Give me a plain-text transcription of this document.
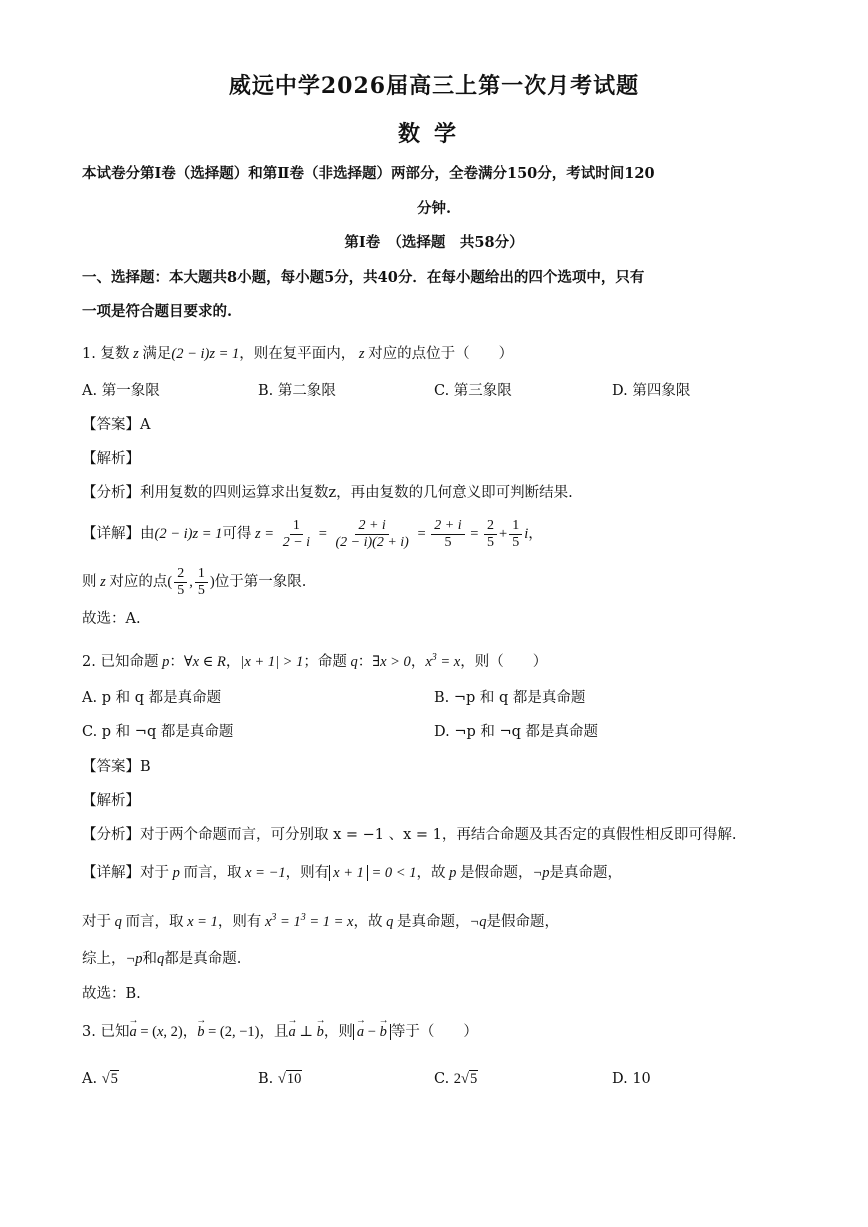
威远中学2026届高三上第一次月考试题
数学
本试卷分第Ⅰ卷（选择题）和第Ⅱ卷（非选择题）两部分，全卷满分150分，考试时间120
分钟.
第Ⅰ卷　（选择题　共58分）
一、选择题：本大题共8小题，每小题5分，共40分．在每小题给出的四个选项中，只有
一项是符合题目要求的.
1. 复数 z 满足(2 − i)z = 1，则在复平面内， z 对应的点位于（　　）
A. 第一象限	B. 第二象限	C. 第三象限	D. 第四象限
【答案】A
【解析】
【分析】利用复数的四则运算求出复数z，再由复数的几何意义即可判断结果.
【详解】由 (2 − i)z = 1 可得 $z = \frac{1}{2 - i} = \frac{2 + i}{(2 - i)(2 + i)} = \frac{2 + i}{5} = \frac{2}{5} + \frac{1}{5}$ i ，
则 z 对应的点 ( $\frac{2}{5}$ , $\frac{1}{5}$ ) 位于第一象限.
故选：A.
2. 已知命题 p：∀x ∈ R，|x + 1| > 1；命题 q：∃x > 0，$x^3 = x$，则（　　）
A. p 和 q 都是真命题	B. ¬p 和 q 都是真命题
C. p 和 ¬q 都是真命题	D. ¬p 和 ¬q 都是真命题
【答案】B
【解析】
【分析】对于两个命题而言，可分别取 x = −1 、x = 1，再结合命题及其否定的真假性相反即可得解.
【详解】对于 p 而言，取 x = −1，则有 x + 1 = 0 < 1，故 p 是假命题，¬p是真命题，
对于 q 而言，取 x = 1，则有 $x^3 = 1^3 = 1 = x$，故 q 是真命题，¬q是假命题，
综上，¬p和q都是真命题.
故选：B.
3. 已知→ a = (x, 2)，→ b = (2, −1)，且→ a ⊥ → b，则→ a − → b 等于（　　）
A. √5	B. √10	C. 2√5	D. 10
